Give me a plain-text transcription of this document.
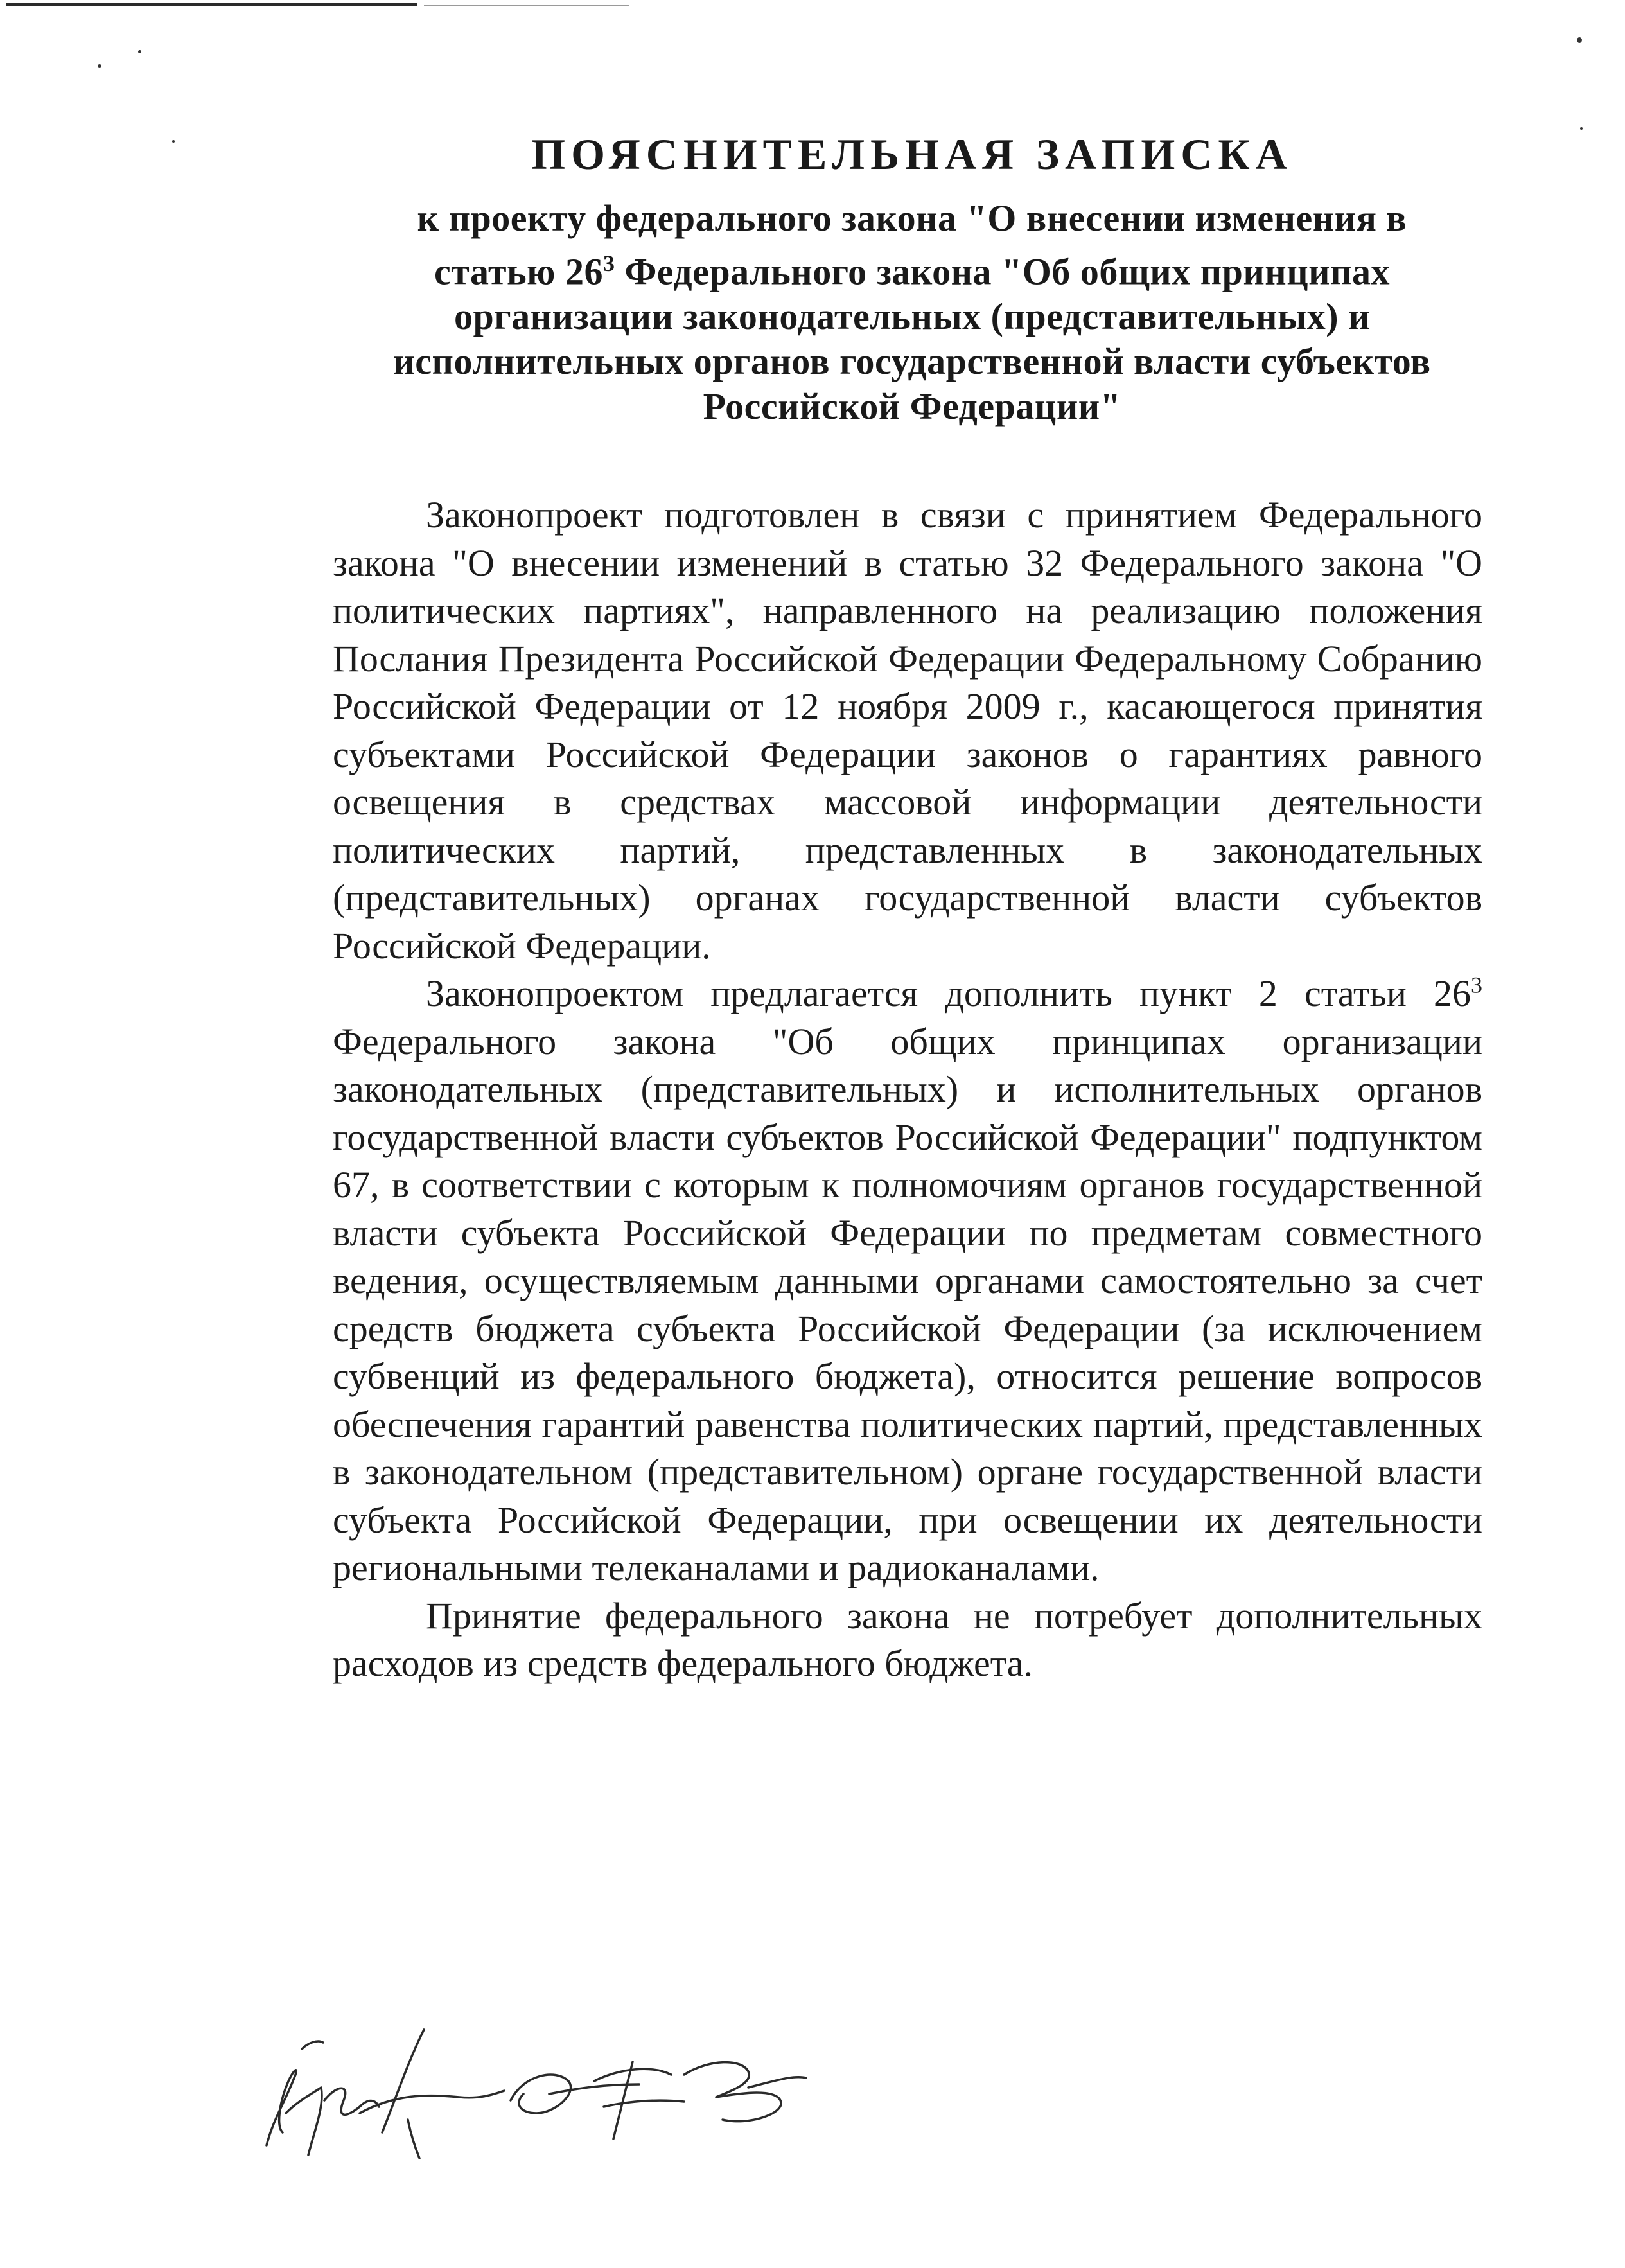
ПОЯСНИТЕЛЬНАЯ ЗАПИСКА
к проекту федерального закона "О внесении изменения в
статью $26^3$ Федерального закона "Об общих принципах
организации законодательных (представительных) и
исполнительных органов государственной власти субъектов
Российской Федерации"

Законопроект подготовлен в связи с принятием Федерального закона "О внесении изменений в статью 32 Федерального закона "О политических партиях", направленного на реализацию положения Послания Президента Российской Федерации Федеральному Собранию Российской Федерации от 12 ноября 2009 г., касающегося принятия субъектами Российской Федерации законов о гарантиях равного освещения в средствах массовой информации деятельности политических партий, представленных в законодательных (представительных) органах государственной власти субъектов Российской Федерации.

Законопроектом предлагается дополнить пункт 2 статьи $26^3$ Федерального закона "Об общих принципах организации законодательных (представительных) и исполнительных органов государственной власти субъектов Российской Федерации" подпунктом 67, в соответствии с которым к полномочиям органов государственной власти субъекта Российской Федерации по предметам совместного ведения, осуществляемым данными органами самостоятельно за счет средств бюджета субъекта Российской Федерации (за исключением субвенций из федерального бюджета), относится решение вопросов обеспечения гарантий равенства политических партий, представленных в законодательном (представительном) органе государственной власти субъекта Российской Федерации, при освещении их деятельности региональными телеканалами и радиоканалами.

Принятие федерального закона не потребует дополнительных расходов из средств федерального бюджета.
